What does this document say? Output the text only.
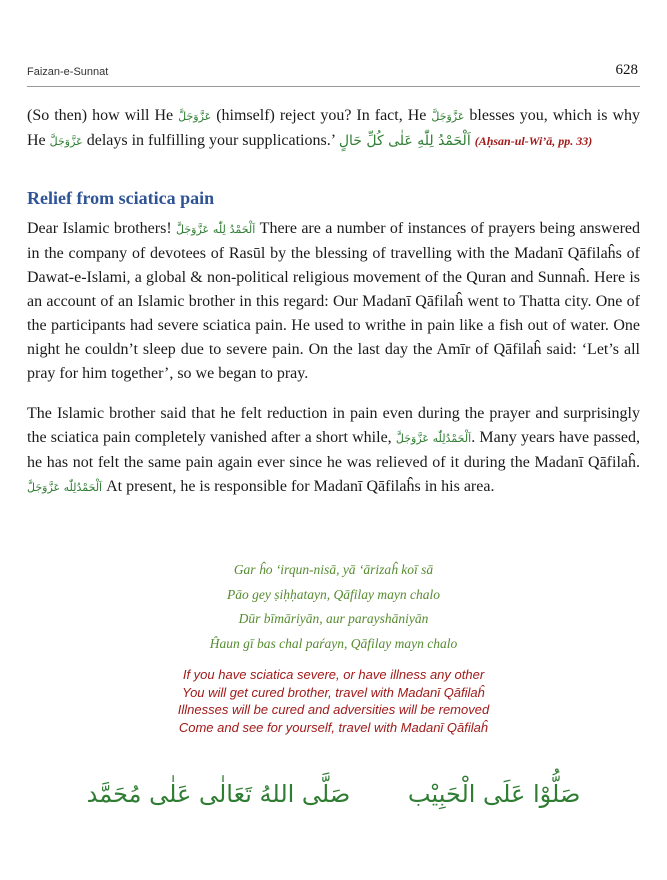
Faizan-e-Sunnat	628

(So then) how will He عَزَّوَجَلَّ (himself) reject you? In fact, He عَزَّوَجَلَّ blesses you, which is why He عَزَّوَجَلَّ delays in fulfilling your supplications.’ اَلْحَمْدُ لِلّٰهِ عَلٰى كُلِّ حَالٍ (Aḥsan-ul-Wi’ā, pp. 33)

Relief from sciatica pain

Dear Islamic brothers! اَلْحَمْدُ لِلّٰه عَزَّوَجَلَّ There are a number of instances of prayers being answered in the company of devotees of Rasūl by the blessing of travelling with the Madanī Qāfilaĥs of Dawat-e-Islami, a global & non-political religious movement of the Quran and Sunnaĥ. Here is an account of an Islamic brother in this regard: Our Madanī Qāfilaĥ went to Thatta city. One of the participants had severe sciatica pain. He used to writhe in pain like a fish out of water. One night he couldn’t sleep due to severe pain. On the last day the Amīr of Qāfilaĥ said: ‘Let’s all pray for him together’, so we began to pray.

The Islamic brother said that he felt reduction in pain even during the prayer and surprisingly the sciatica pain completely vanished after a short while, اَلْحَمْدُلِلّٰه عَزَّوَجَلَّ. Many years have passed, he has not felt the same pain again ever since he was relieved of it during the Madanī Qāfilaĥ. اَلْحَمْدُلِلّٰه عَزَّوَجَلَّ At present, he is responsible for Madanī Qāfilaĥs in his area.

Gar ĥo ‘irqun-nisā, yā ‘ārizaĥ koī sā
Pāo gey ṣiḥḥatayn, Qāfilay mayn chalo
Dūr bīmāriyān, aur parayshāniyān
Ĥaun gī bas chal paŕayn, Qāfilay mayn chalo
If you have sciatica severe, or have illness any other
You will get cured brother, travel with Madanī Qāfilaĥ
Illnesses will be cured and adversities will be removed
Come and see for yourself, travel with Madanī Qāfilaĥ
صَلُّوْا عَلَى الْحَبِيْب صَلَّى اللهُ تَعَالٰى عَلٰى مُحَمَّد
